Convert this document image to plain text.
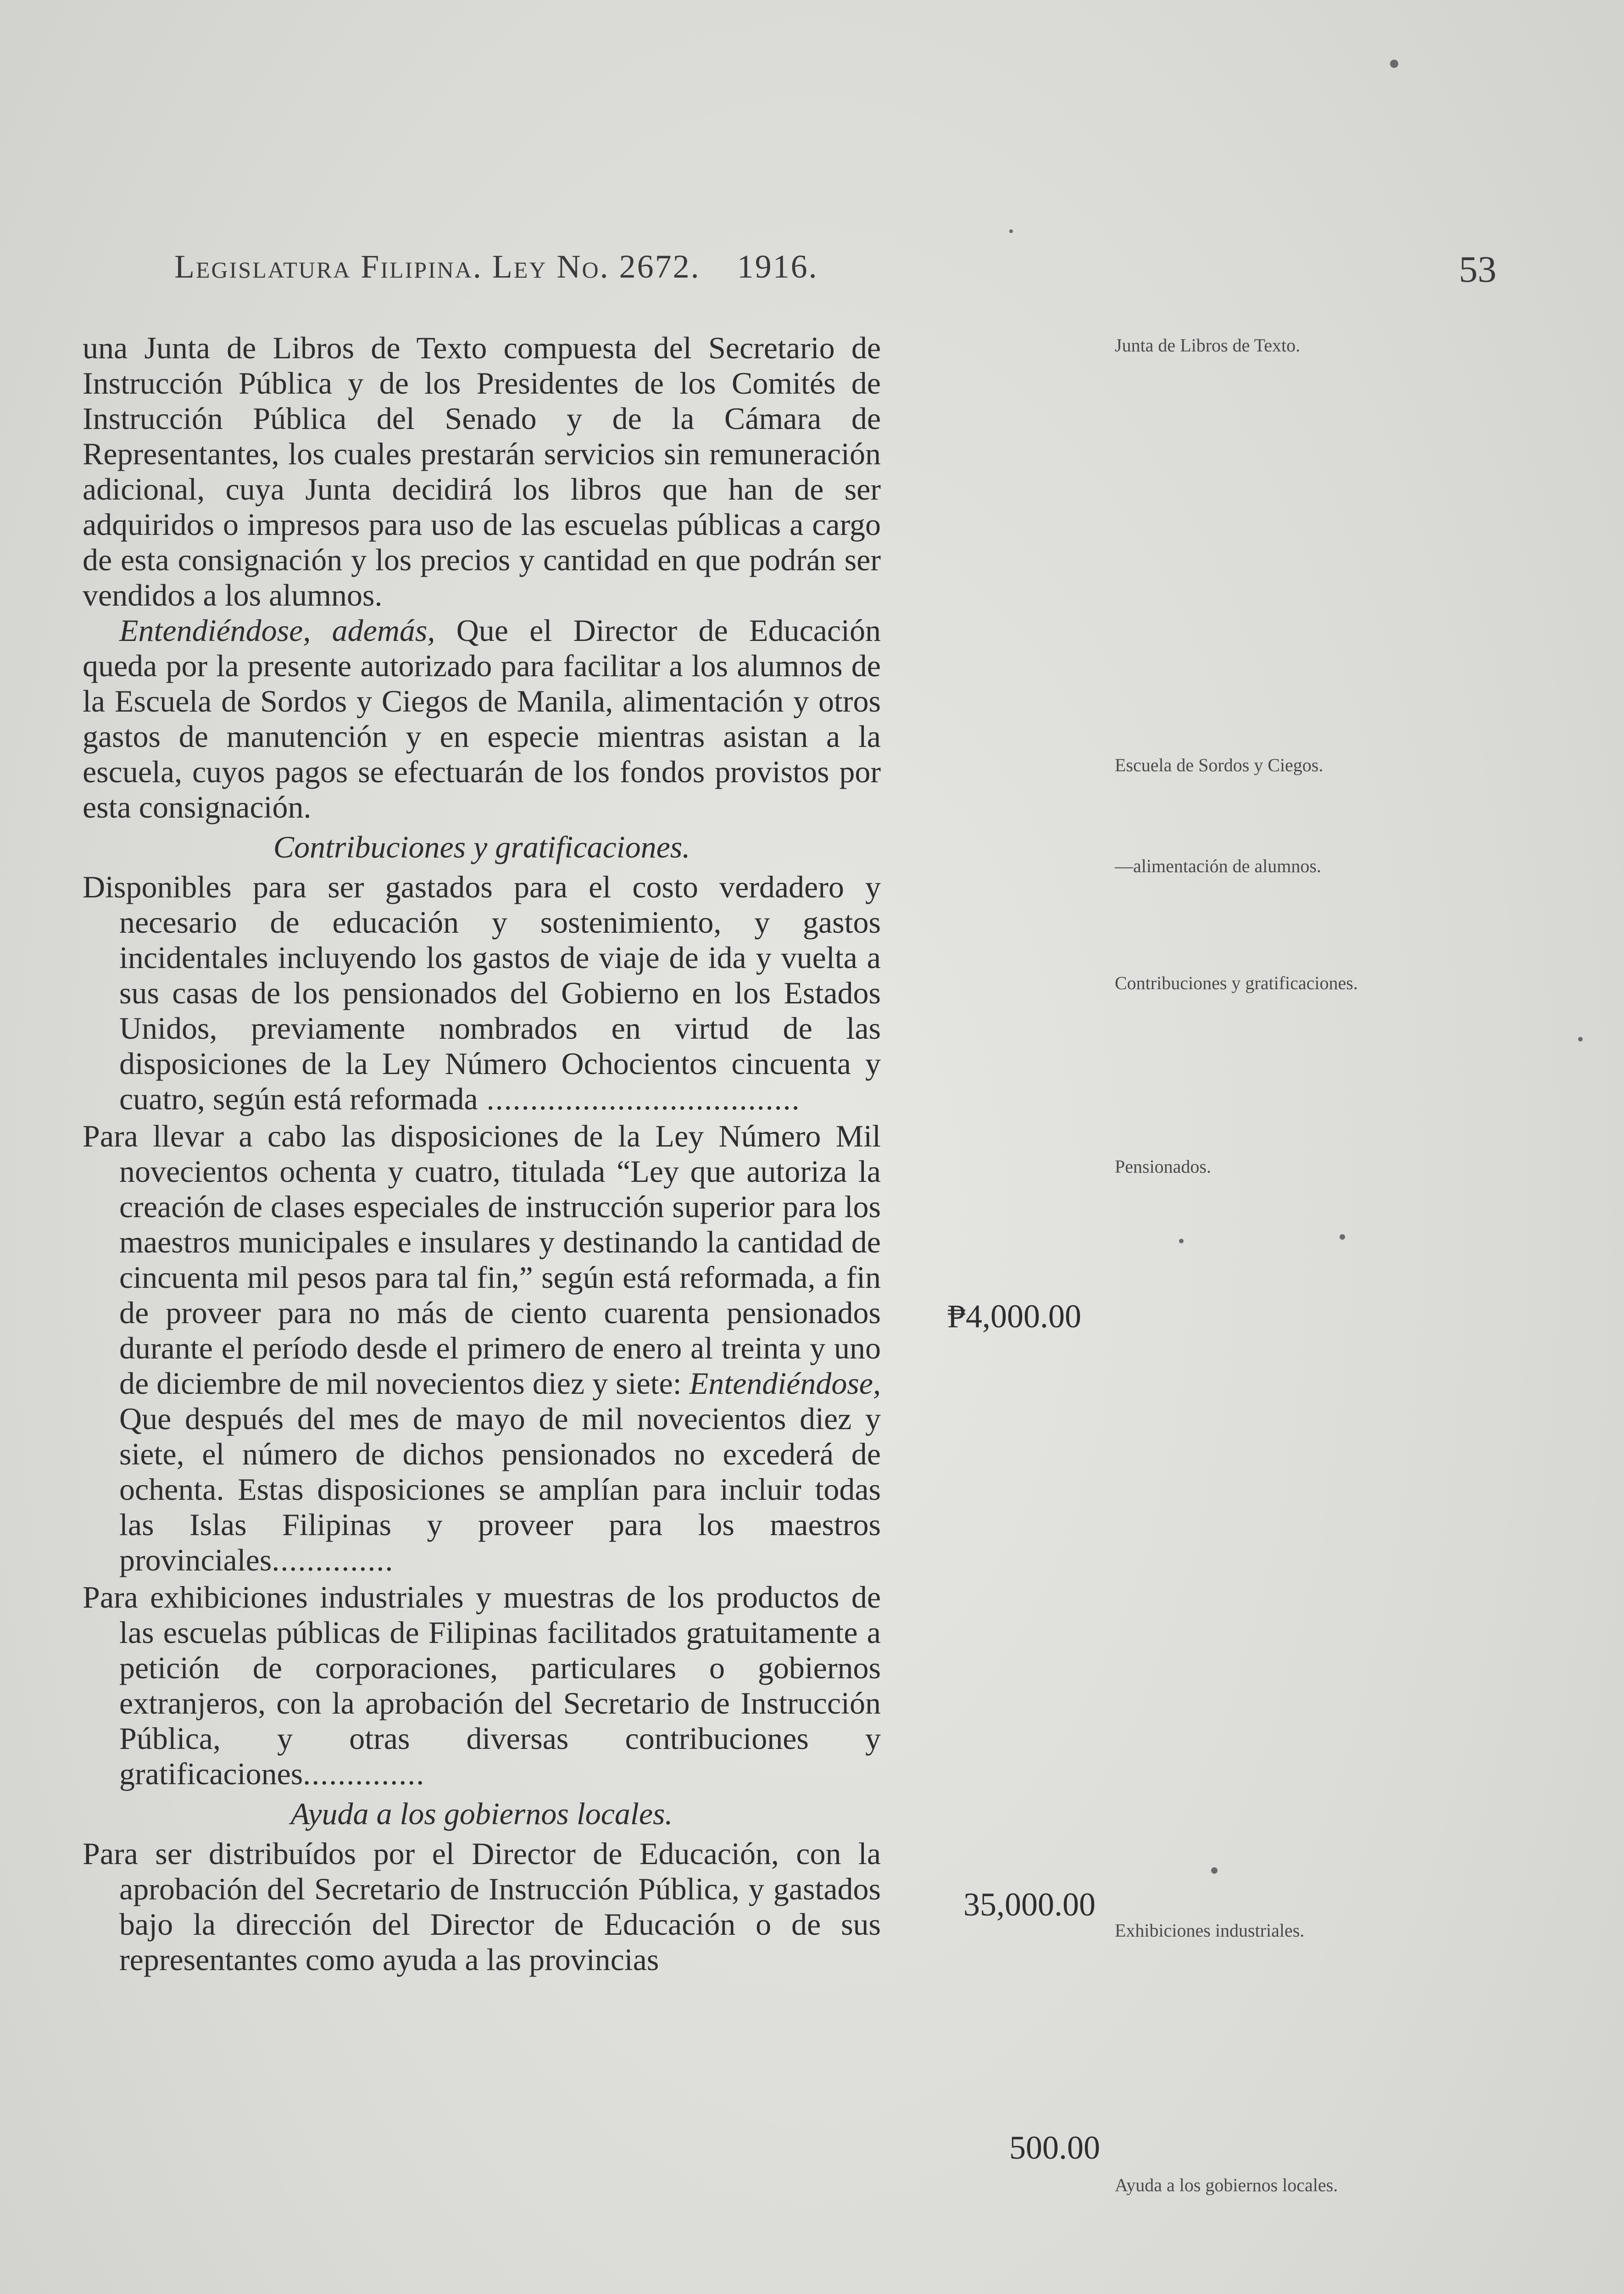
Legislatura Filipina. Ley No. 2672. 1916.	53

una Junta de Libros de Texto compuesta del Secretario de Instrucción Pública y de los Presidentes de los Comités de Instrucción Pública del Senado y de la Cámara de Representantes, los cuales prestarán servicios sin remuneración adicional, cuya Junta decidirá los libros que han de ser adquiridos o impresos para uso de las escuelas públicas a cargo de esta consignación y los precios y cantidad en que podrán ser vendidos a los alumnos.

Entendiéndose, además, Que el Director de Educación queda por la presente autorizado para facilitar a los alumnos de la Escuela de Sordos y Ciegos de Manila, alimentación y otros gastos de manutención y en especie mientras asistan a la escuela, cuyos pagos se efectuarán de los fondos provistos por esta consignación.

Contribuciones y gratificaciones.

Disponibles para ser gastados para el costo verdadero y necesario de educación y sostenimiento, y gastos incidentales incluyendo los gastos de viaje de ida y vuelta a sus casas de los pensionados del Gobierno en los Estados Unidos, previamente nombrados en virtud de las disposiciones de la Ley Número Ochocientos cincuenta y cuatro, según está reformada ....................................

Para llevar a cabo las disposiciones de la Ley Número Mil novecientos ochenta y cuatro, titulada “Ley que autoriza la creación de clases especiales de instrucción superior para los maestros municipales e insulares y destinando la cantidad de cincuenta mil pesos para tal fin,” según está reformada, a fin de proveer para no más de ciento cuarenta pensionados durante el período desde el primero de enero al treinta y uno de diciembre de mil novecientos diez y siete: Entendiéndose, Que después del mes de mayo de mil novecientos diez y siete, el número de dichos pensionados no excederá de ochenta. Estas disposiciones se amplían para incluir todas las Islas Filipinas y proveer para los maestros provinciales..............

Para exhibiciones industriales y muestras de los productos de las escuelas públicas de Filipinas facilitados gratuitamente a petición de corporaciones, particulares o gobiernos extranjeros, con la aprobación del Secretario de Instrucción Pública, y otras diversas contribuciones y gratificaciones..............

Ayuda a los gobiernos locales.

Para ser distribuídos por el Director de Educación, con la aprobación del Secretario de Instrucción Pública, y gastados bajo la dirección del Director de Educación o de sus representantes como ayuda a las provincias

₱4,000.00
35,000.00
500.00
Junta de Libros de Texto.
Escuela de Sordos y Ciegos.
—alimentación de alumnos.
Contribuciones y gratificaciones.
Pensionados.
Exhibiciones industriales.
Ayuda a los gobiernos locales.
